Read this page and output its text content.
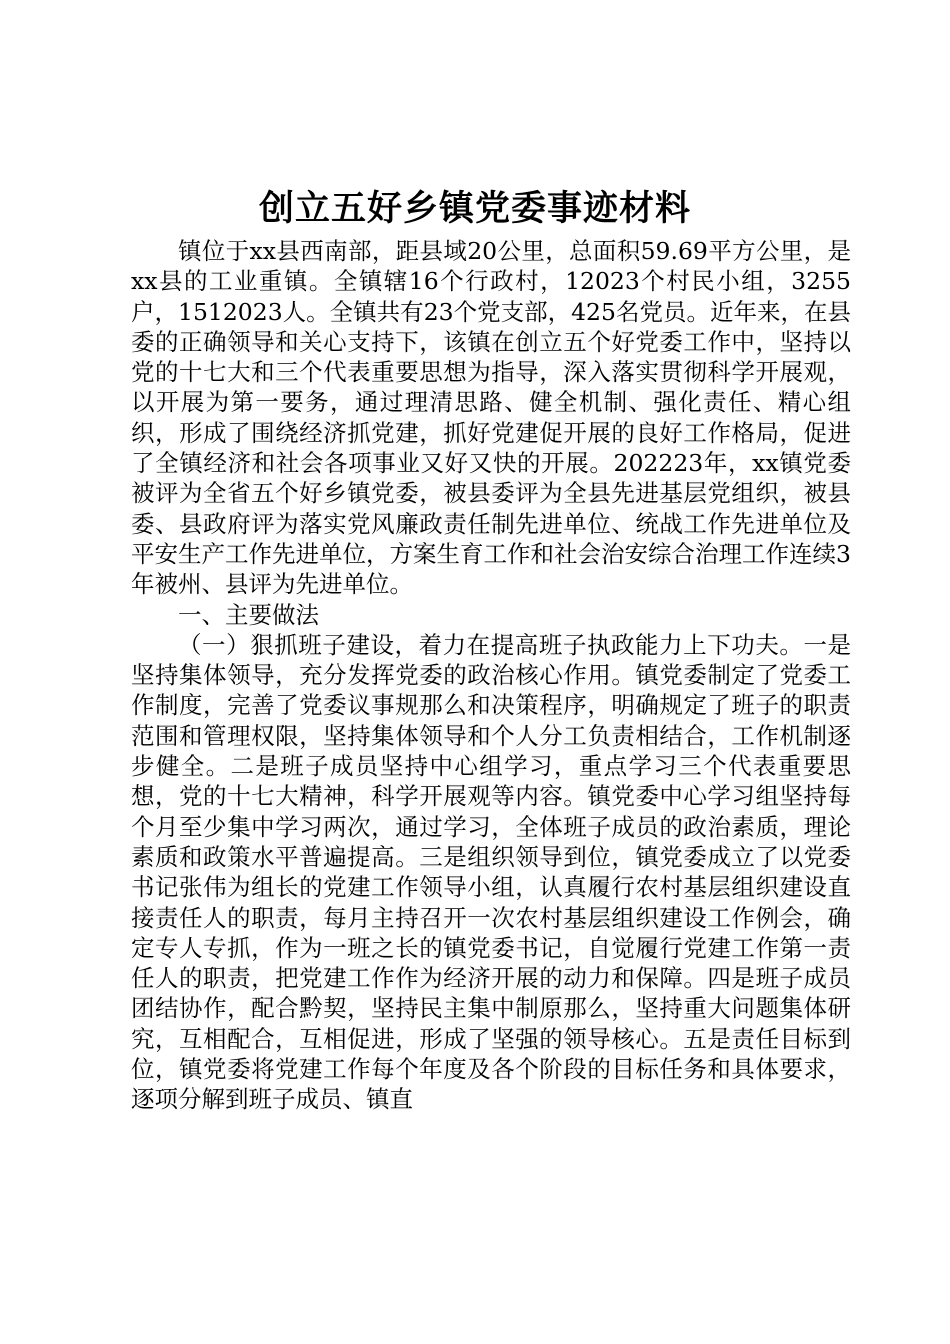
创立五好乡镇党委事迹材料

镇位于xx县西南部，距县域20公里，总面积59.69平方公里，是xx县的工业重镇。全镇辖16个行政村，12023个村民小组，3255户，1512023人。全镇共有23个党支部，425名党员。近年来，在县委的正确领导和关心支持下，该镇在创立五个好党委工作中，坚持以党的十七大和三个代表重要思想为指导，深入落实贯彻科学开展观，以开展为第一要务，通过理清思路、健全机制、强化责任、精心组织，形成了围绕经济抓党建，抓好党建促开展的良好工作格局，促进了全镇经济和社会各项事业又好又快的开展。202223年，xx镇党委被评为全省五个好乡镇党委，被县委评为全县先进基层党组织，被县委、县政府评为落实党风廉政责任制先进单位、统战工作先进单位及平安生产工作先进单位，方案生育工作和社会治安综合治理工作连续3年被州、县评为先进单位。

一、主要做法

（一）狠抓班子建设，着力在提高班子执政能力上下功夫。一是坚持集体领导，充分发挥党委的政治核心作用。镇党委制定了党委工作制度，完善了党委议事规那么和决策程序，明确规定了班子的职责范围和管理权限，坚持集体领导和个人分工负责相结合，工作机制逐步健全。二是班子成员坚持中心组学习，重点学习三个代表重要思想，党的十七大精神，科学开展观等内容。镇党委中心学习组坚持每个月至少集中学习两次，通过学习，全体班子成员的政治素质，理论素质和政策水平普遍提高。三是组织领导到位，镇党委成立了以党委书记张伟为组长的党建工作领导小组，认真履行农村基层组织建设直接责任人的职责，每月主持召开一次农村基层组织建设工作例会，确定专人专抓，作为一班之长的镇党委书记，自觉履行党建工作第一责任人的职责，把党建工作作为经济开展的动力和保障。四是班子成员团结协作，配合黔契，坚持民主集中制原那么，坚持重大问题集体研究，互相配合，互相促进，形成了坚强的领导核心。五是责任目标到位，镇党委将党建工作每个年度及各个阶段的目标任务和具体要求，逐项分解到班子成员、镇直
